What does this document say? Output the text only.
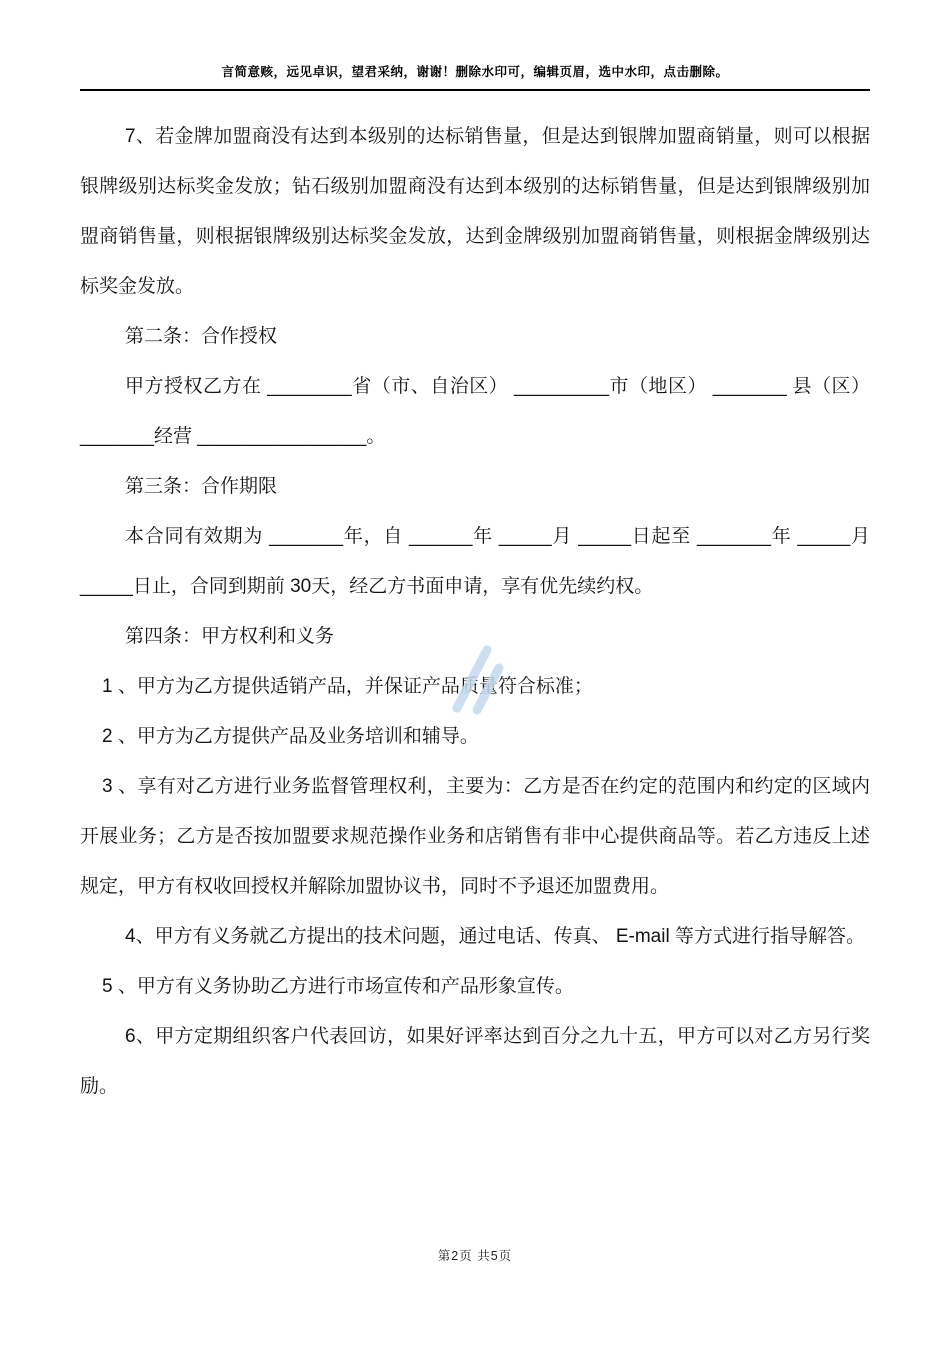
言简意赅，远见卓识，望君采纳，谢谢！删除水印可，编辑页眉，选中水印，点击删除。

7、若金牌加盟商没有达到本级别的达标销售量，但是达到银牌加盟商销量，则可以根据银牌级别达标奖金发放；钻石级别加盟商没有达到本级别的达标销售量，但是达到银牌级别加盟商销售量，则根据银牌级别达标奖金发放，达到金牌级别加盟商销售量，则根据金牌级别达标奖金发放。

第二条：合作授权

甲方授权乙方在 ________省（市、自治区） _________市（地区） _______ 县（区） _______经营 ________________。

第三条：合作期限

本合同有效期为 _______年，自 ______年 _____月 _____日起至 _______年 _____月 _____日止，合同到期前 30天，经乙方书面申请，享有优先续约权。

第四条：甲方权利和义务

1 、甲方为乙方提供适销产品，并保证产品质量符合标准；

2 、甲方为乙方提供产品及业务培训和辅导。

3 、享有对乙方进行业务监督管理权利，主要为：乙方是否在约定的范围内和约定的区域内开展业务；乙方是否按加盟要求规范操作业务和店销售有非中心提供商品等。若乙方违反上述规定，甲方有权收回授权并解除加盟协议书，同时不予退还加盟费用。

4、甲方有义务就乙方提出的技术问题，通过电话、传真、 E-mail 等方式进行指导解答。

5 、甲方有义务协助乙方进行市场宣传和产品形象宣传。

6、甲方定期组织客户代表回访，如果好评率达到百分之九十五，甲方可以对乙方另行奖励。

第2页 共5页
